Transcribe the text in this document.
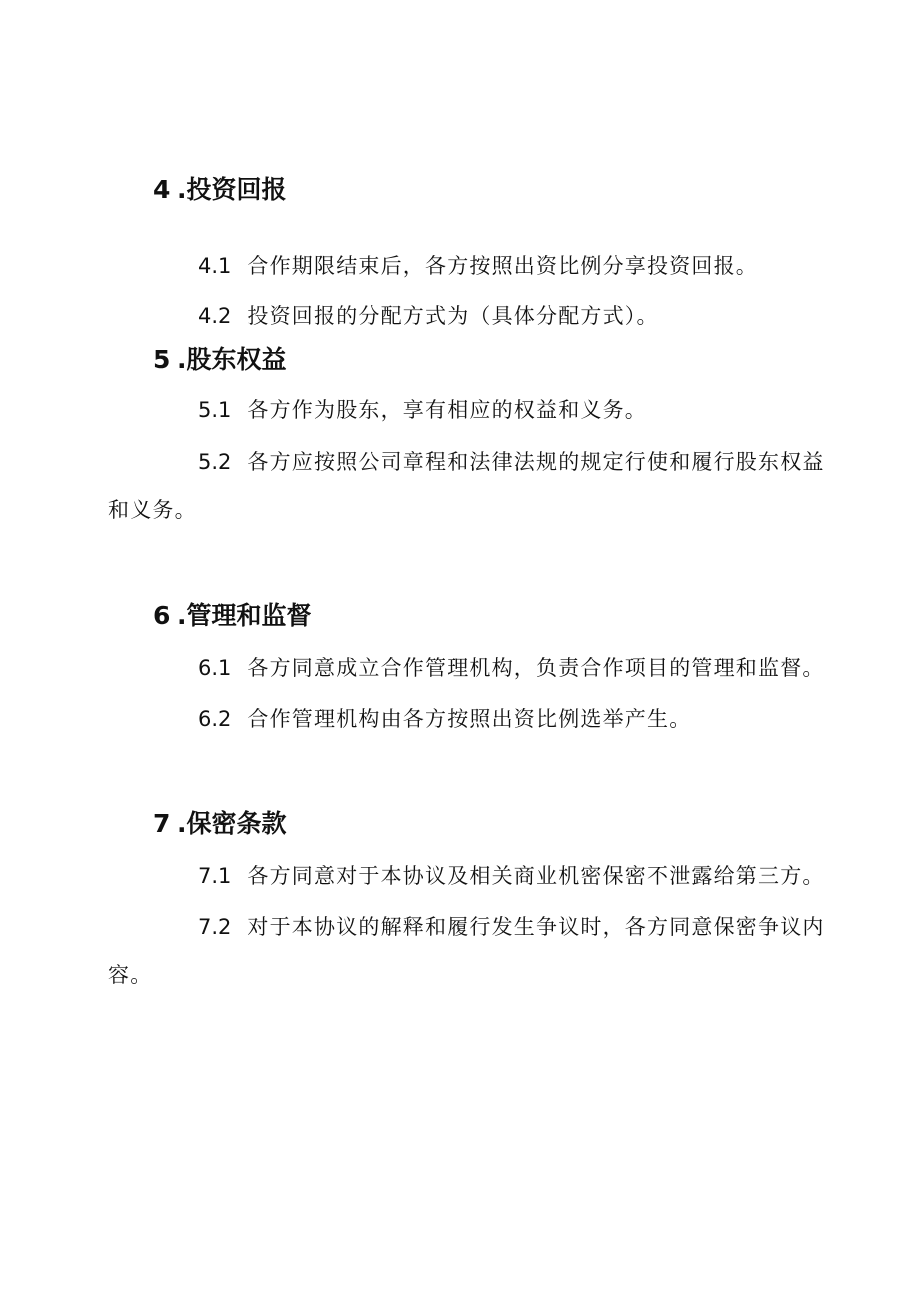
4 .投资回报
4.1 合作期限结束后，各方按照出资比例分享投资回报。
4.2 投资回报的分配方式为（具体分配方式）。
5 .股东权益
5.1 各方作为股东，享有相应的权益和义务。
5.2 各方应按照公司章程和法律法规的规定行使和履行股东权益和义务。
6 .管理和监督
6.1 各方同意成立合作管理机构，负责合作项目的管理和监督。
6.2 合作管理机构由各方按照出资比例选举产生。
7 .保密条款
7.1 各方同意对于本协议及相关商业机密保密不泄露给第三方。
7.2 对于本协议的解释和履行发生争议时，各方同意保密争议内容。
